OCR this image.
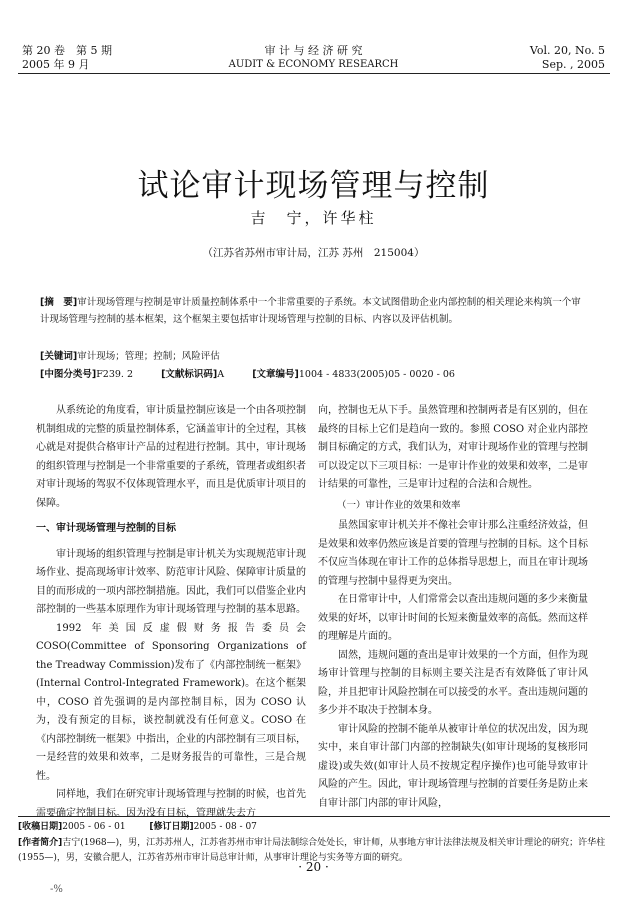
第 20 卷　第 5 期
2005 年 9 月
审 计 与 经 济 研 究
AUDIT & ECONOMY RESEARCH
Vol. 20, No. 5
Sep. , 2005
试论审计现场管理与控制
吉　宁，许华柱
（江苏省苏州市审计局，江苏 苏州　215004）
[摘　要]审计现场管理与控制是审计质量控制体系中一个非常重要的子系统。本文试图借助企业内部控制的相关理论来构筑一个审计现场管理与控制的基本框架，这个框架主要包括审计现场管理与控制的目标、内容以及评估机制。
[关键词]审计现场；管理；控制；风险评估
[中图分类号]F239. 2	[文献标识码]A	[文章编号]1004 - 4833(2005)05 - 0020 - 06

从系统论的角度看，审计质量控制应该是一个由各项控制机制组成的完整的质量控制体系，它涵盖审计的全过程，其核心就是对提供合格审计产品的过程进行控制。其中，审计现场的组织管理与控制是一个非常重要的子系统，管理者或组织者对审计现场的驾驭不仅体现管理水平，而且是优质审计项目的保障。

一、审计现场管理与控制的目标

审计现场的组织管理与控制是审计机关为实现规范审计现场作业、提高现场审计效率、防范审计风险、保障审计质量的目的而形成的一项内部控制措施。因此，我们可以借鉴企业内部控制的一些基本原理作为审计现场管理与控制的基本思路。

1992 年美国反虚假财务报告委员会 COSO(Committee of Sponsoring Organizations of the Treadway Commission)发布了《内部控制统一框架》(Internal Control-Integrated Framework)。在这个框架中，COSO 首先强调的是内部控制目标，因为 COSO 认为，没有预定的目标，谈控制就没有任何意义。COSO 在《内部控制统一框架》中指出，企业的内部控制有三项目标，一是经营的效果和效率，二是财务报告的可靠性，三是合规性。

同样地，我们在研究审计现场管理与控制的时候，也首先需要确定控制目标。因为没有目标，管理就失去方

向，控制也无从下手。虽然管理和控制两者是有区别的，但在最终的目标上它们是趋向一致的。参照 COSO 对企业内部控制目标确定的方式，我们认为，对审计现场作业的管理与控制可以设定以下三项目标：一是审计作业的效果和效率，二是审计结果的可靠性，三是审计过程的合法和合规性。

（一）审计作业的效果和效率

虽然国家审计机关并不像社会审计那么注重经济效益，但是效果和效率仍然应该是首要的管理与控制的目标。这个目标不仅应当体现在审计工作的总体指导思想上，而且在审计现场的管理与控制中显得更为突出。

在日常审计中，人们常常会以查出违规问题的多少来衡量效果的好坏，以审计时间的长短来衡量效率的高低。然而这样的理解是片面的。

固然，违规问题的查出是审计效果的一个方面，但作为现场审计管理与控制的目标则主要关注是否有效降低了审计风险，并且把审计风险控制在可以接受的水平。查出违规问题的多少并不取决于控制本身。

审计风险的控制不能单从被审计单位的状况出发，因为现实中，来自审计部门内部的控制缺失(如审计现场的复核形同虚设)或失效(如审计人员不按规定程序操作)也可能导致审计风险的产生。因此，审计现场管理与控制的首要任务是防止来自审计部门内部的审计风险，

[收稿日期]2005 - 06 - 01	[修订日期]2005 - 08 - 07
[作者简介]吉宁(1968—)，男，江苏苏州人，江苏省苏州市审计局法制综合处处长，审计师，从事地方审计法律法规及相关审计理论的研究；许华柱(1955—)，男，安徽合肥人，江苏省苏州市审计局总审计师，从事审计理论与实务等方面的研究。
· 20 ·
-%
